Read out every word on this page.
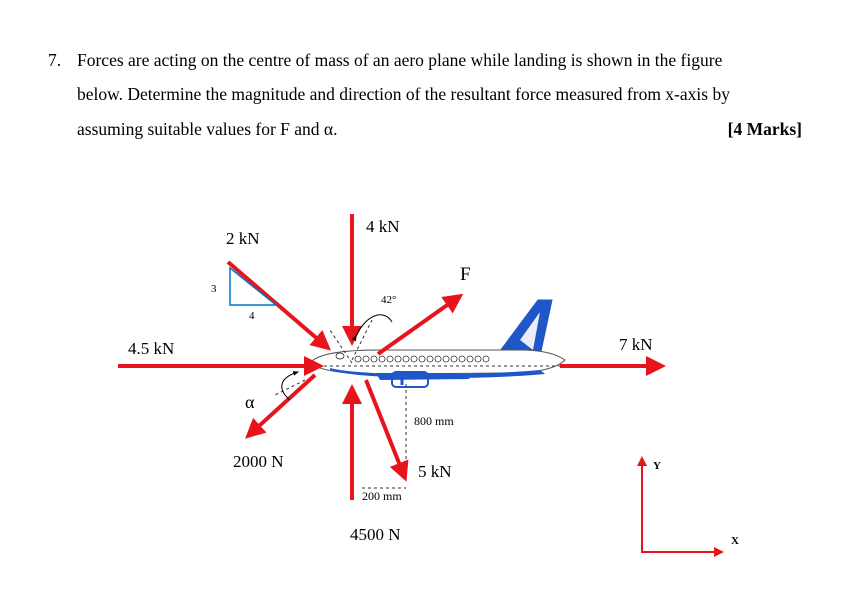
7. Forces are acting on the centre of mass of an aero plane while landing is shown in the figure
below. Determine the magnitude and direction of the resultant force measured from x-axis by
assuming suitable values for F and α.	[4 Marks]
3
4
2 kN
4 kN
F
42°
4.5 kN	7 kN
α
2000 N
800 mm
5 kN
200 mm
4500 N
Y
X
